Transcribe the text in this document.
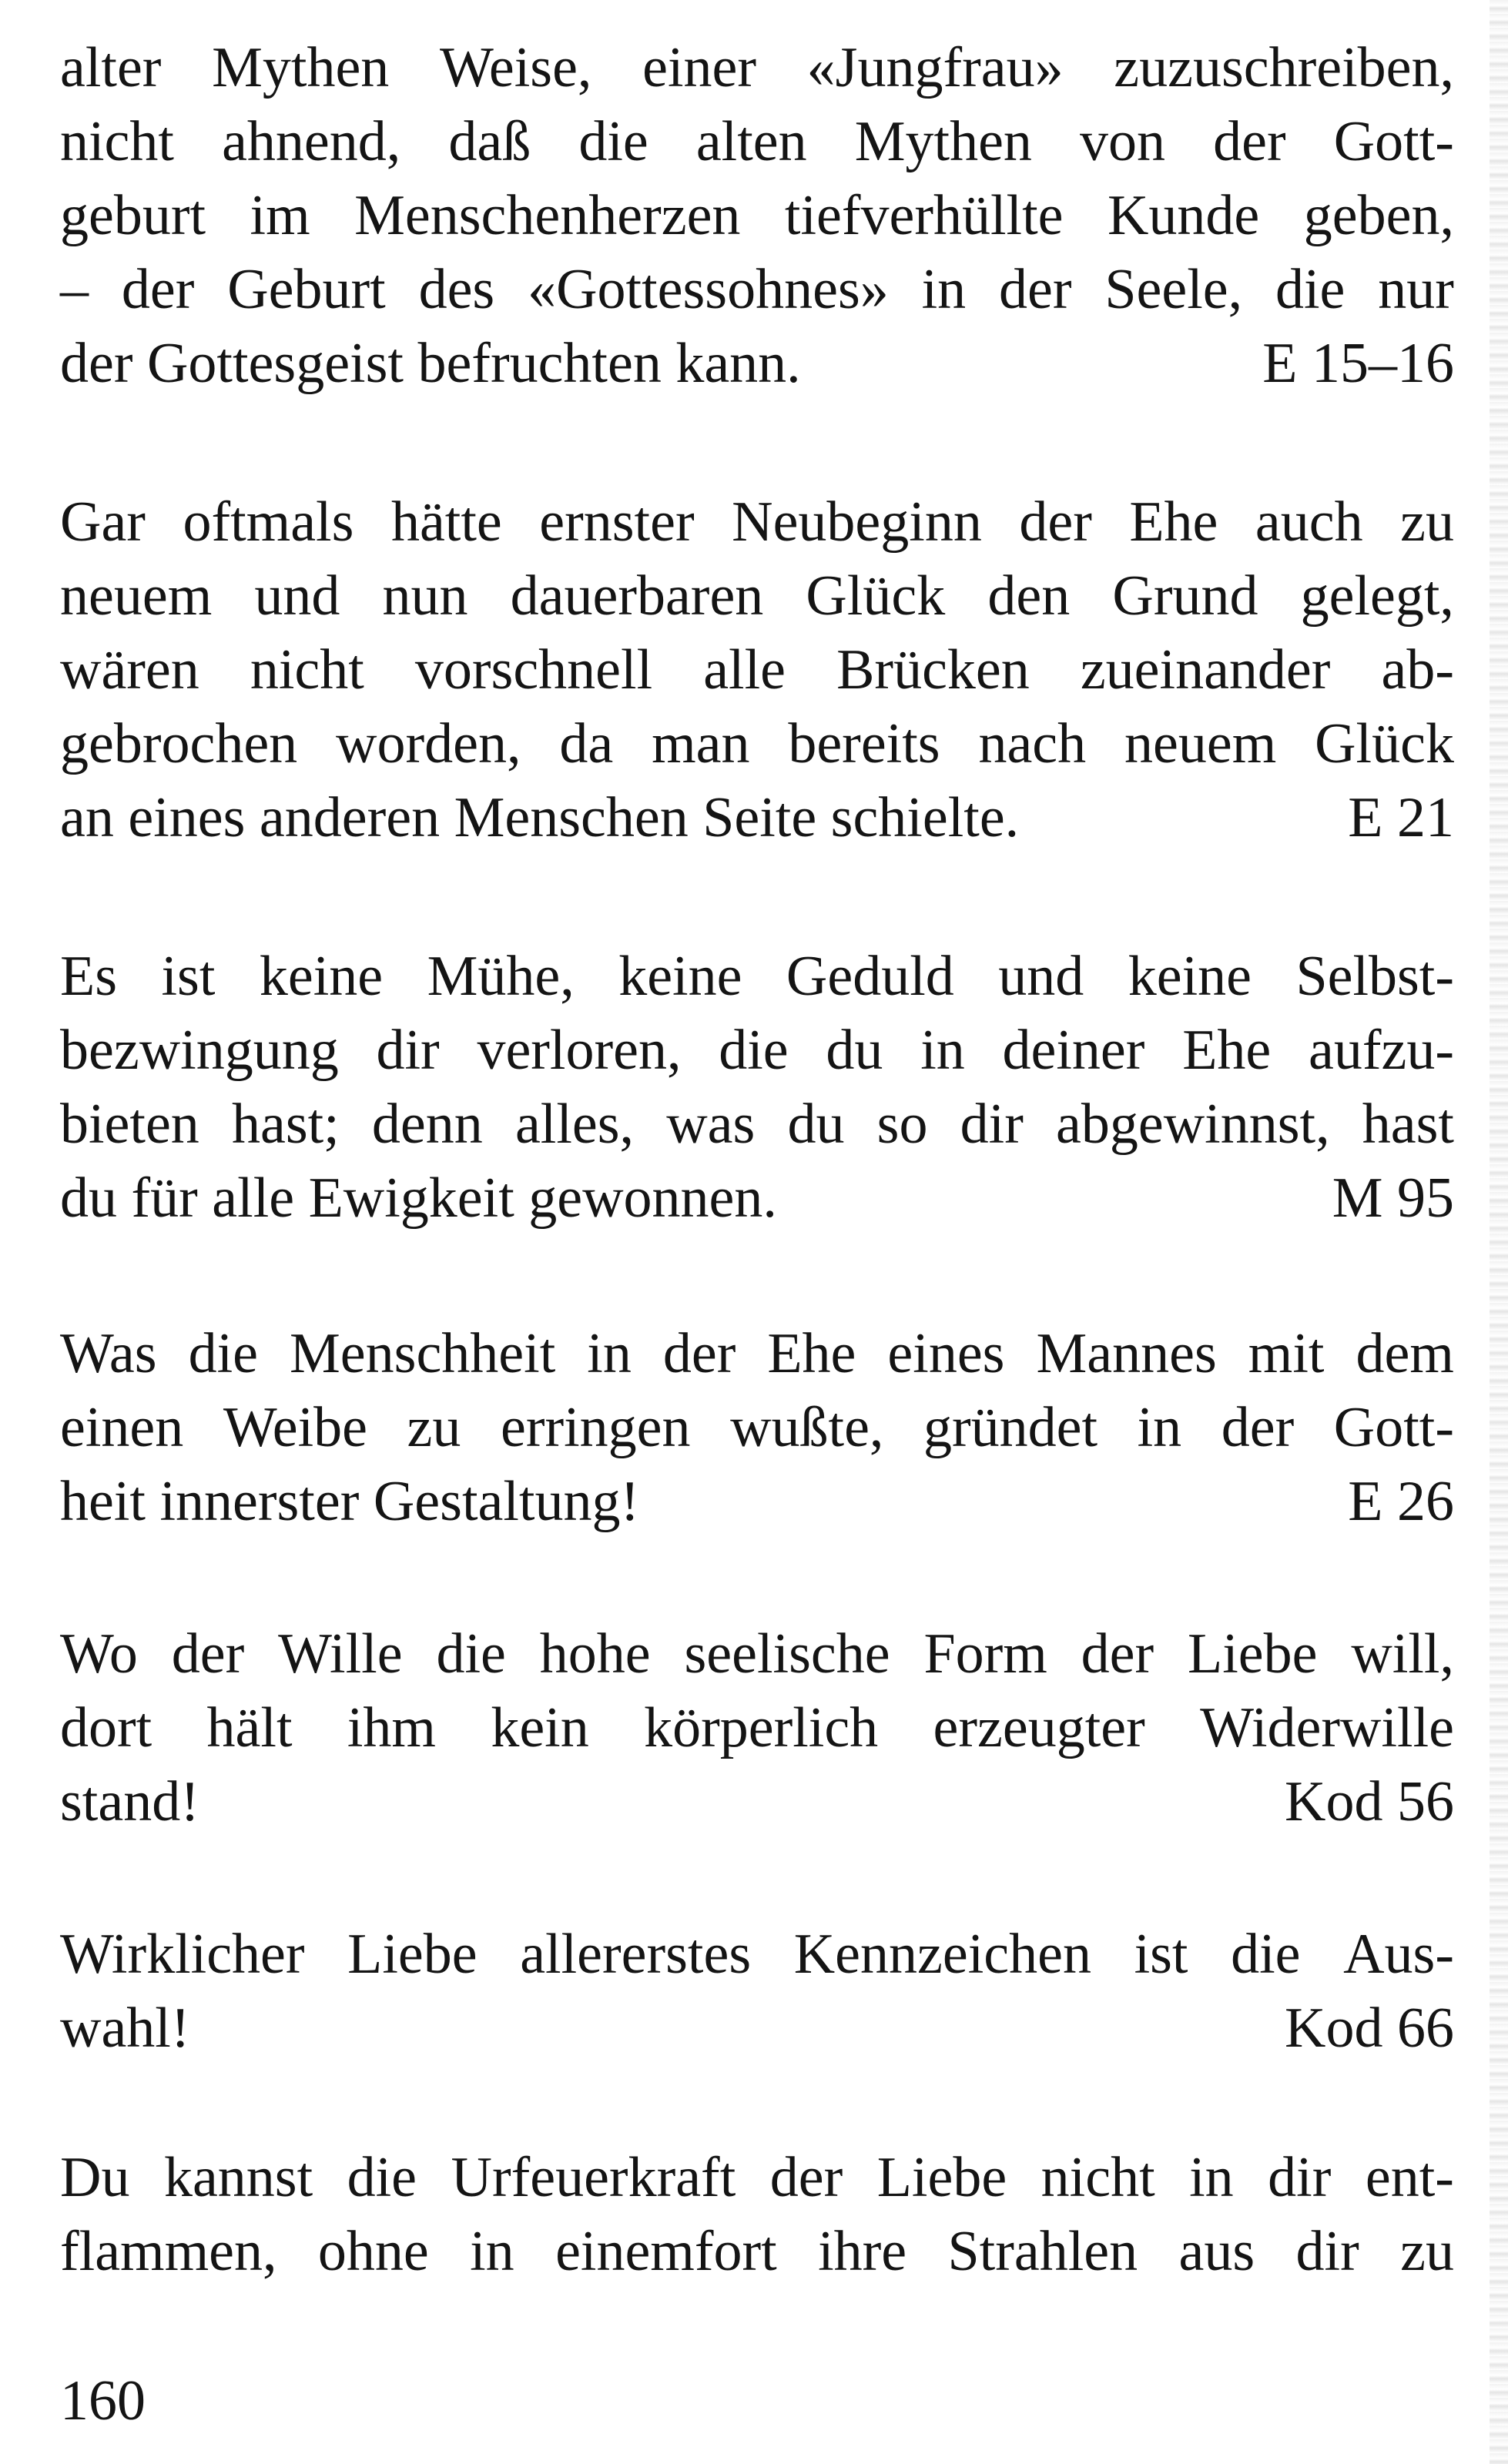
alter Mythen Weise, einer «Jungfrau» zuzuschreiben,
nicht ahnend, daß die alten Mythen von der Gott-
geburt im Menschenherzen tiefverhüllte Kunde geben,
– der Geburt des «Gottessohnes» in der Seele, die nur
der Gottesgeist befruchten kann.	E 15–16
Gar oftmals hätte ernster Neubeginn der Ehe auch zu
neuem und nun dauerbaren Glück den Grund gelegt,
wären nicht vorschnell alle Brücken zueinander ab-
gebrochen worden, da man bereits nach neuem Glück
an eines anderen Menschen Seite schielte.	E 21
Es ist keine Mühe, keine Geduld und keine Selbst-
bezwingung dir verloren, die du in deiner Ehe aufzu-
bieten hast; denn alles, was du so dir abgewinnst, hast
du für alle Ewigkeit gewonnen.	M 95
Was die Menschheit in der Ehe eines Mannes mit dem
einen Weibe zu erringen wußte, gründet in der Gott-
heit innerster Gestaltung!	E 26
Wo der Wille die hohe seelische Form der Liebe will,
dort hält ihm kein körperlich erzeugter Widerwille
stand!	Kod 56
Wirklicher Liebe allererstes Kennzeichen ist die Aus-
wahl!	Kod 66
Du kannst die Urfeuerkraft der Liebe nicht in dir ent-
flammen, ohne in einemfort ihre Strahlen aus dir zu
160
